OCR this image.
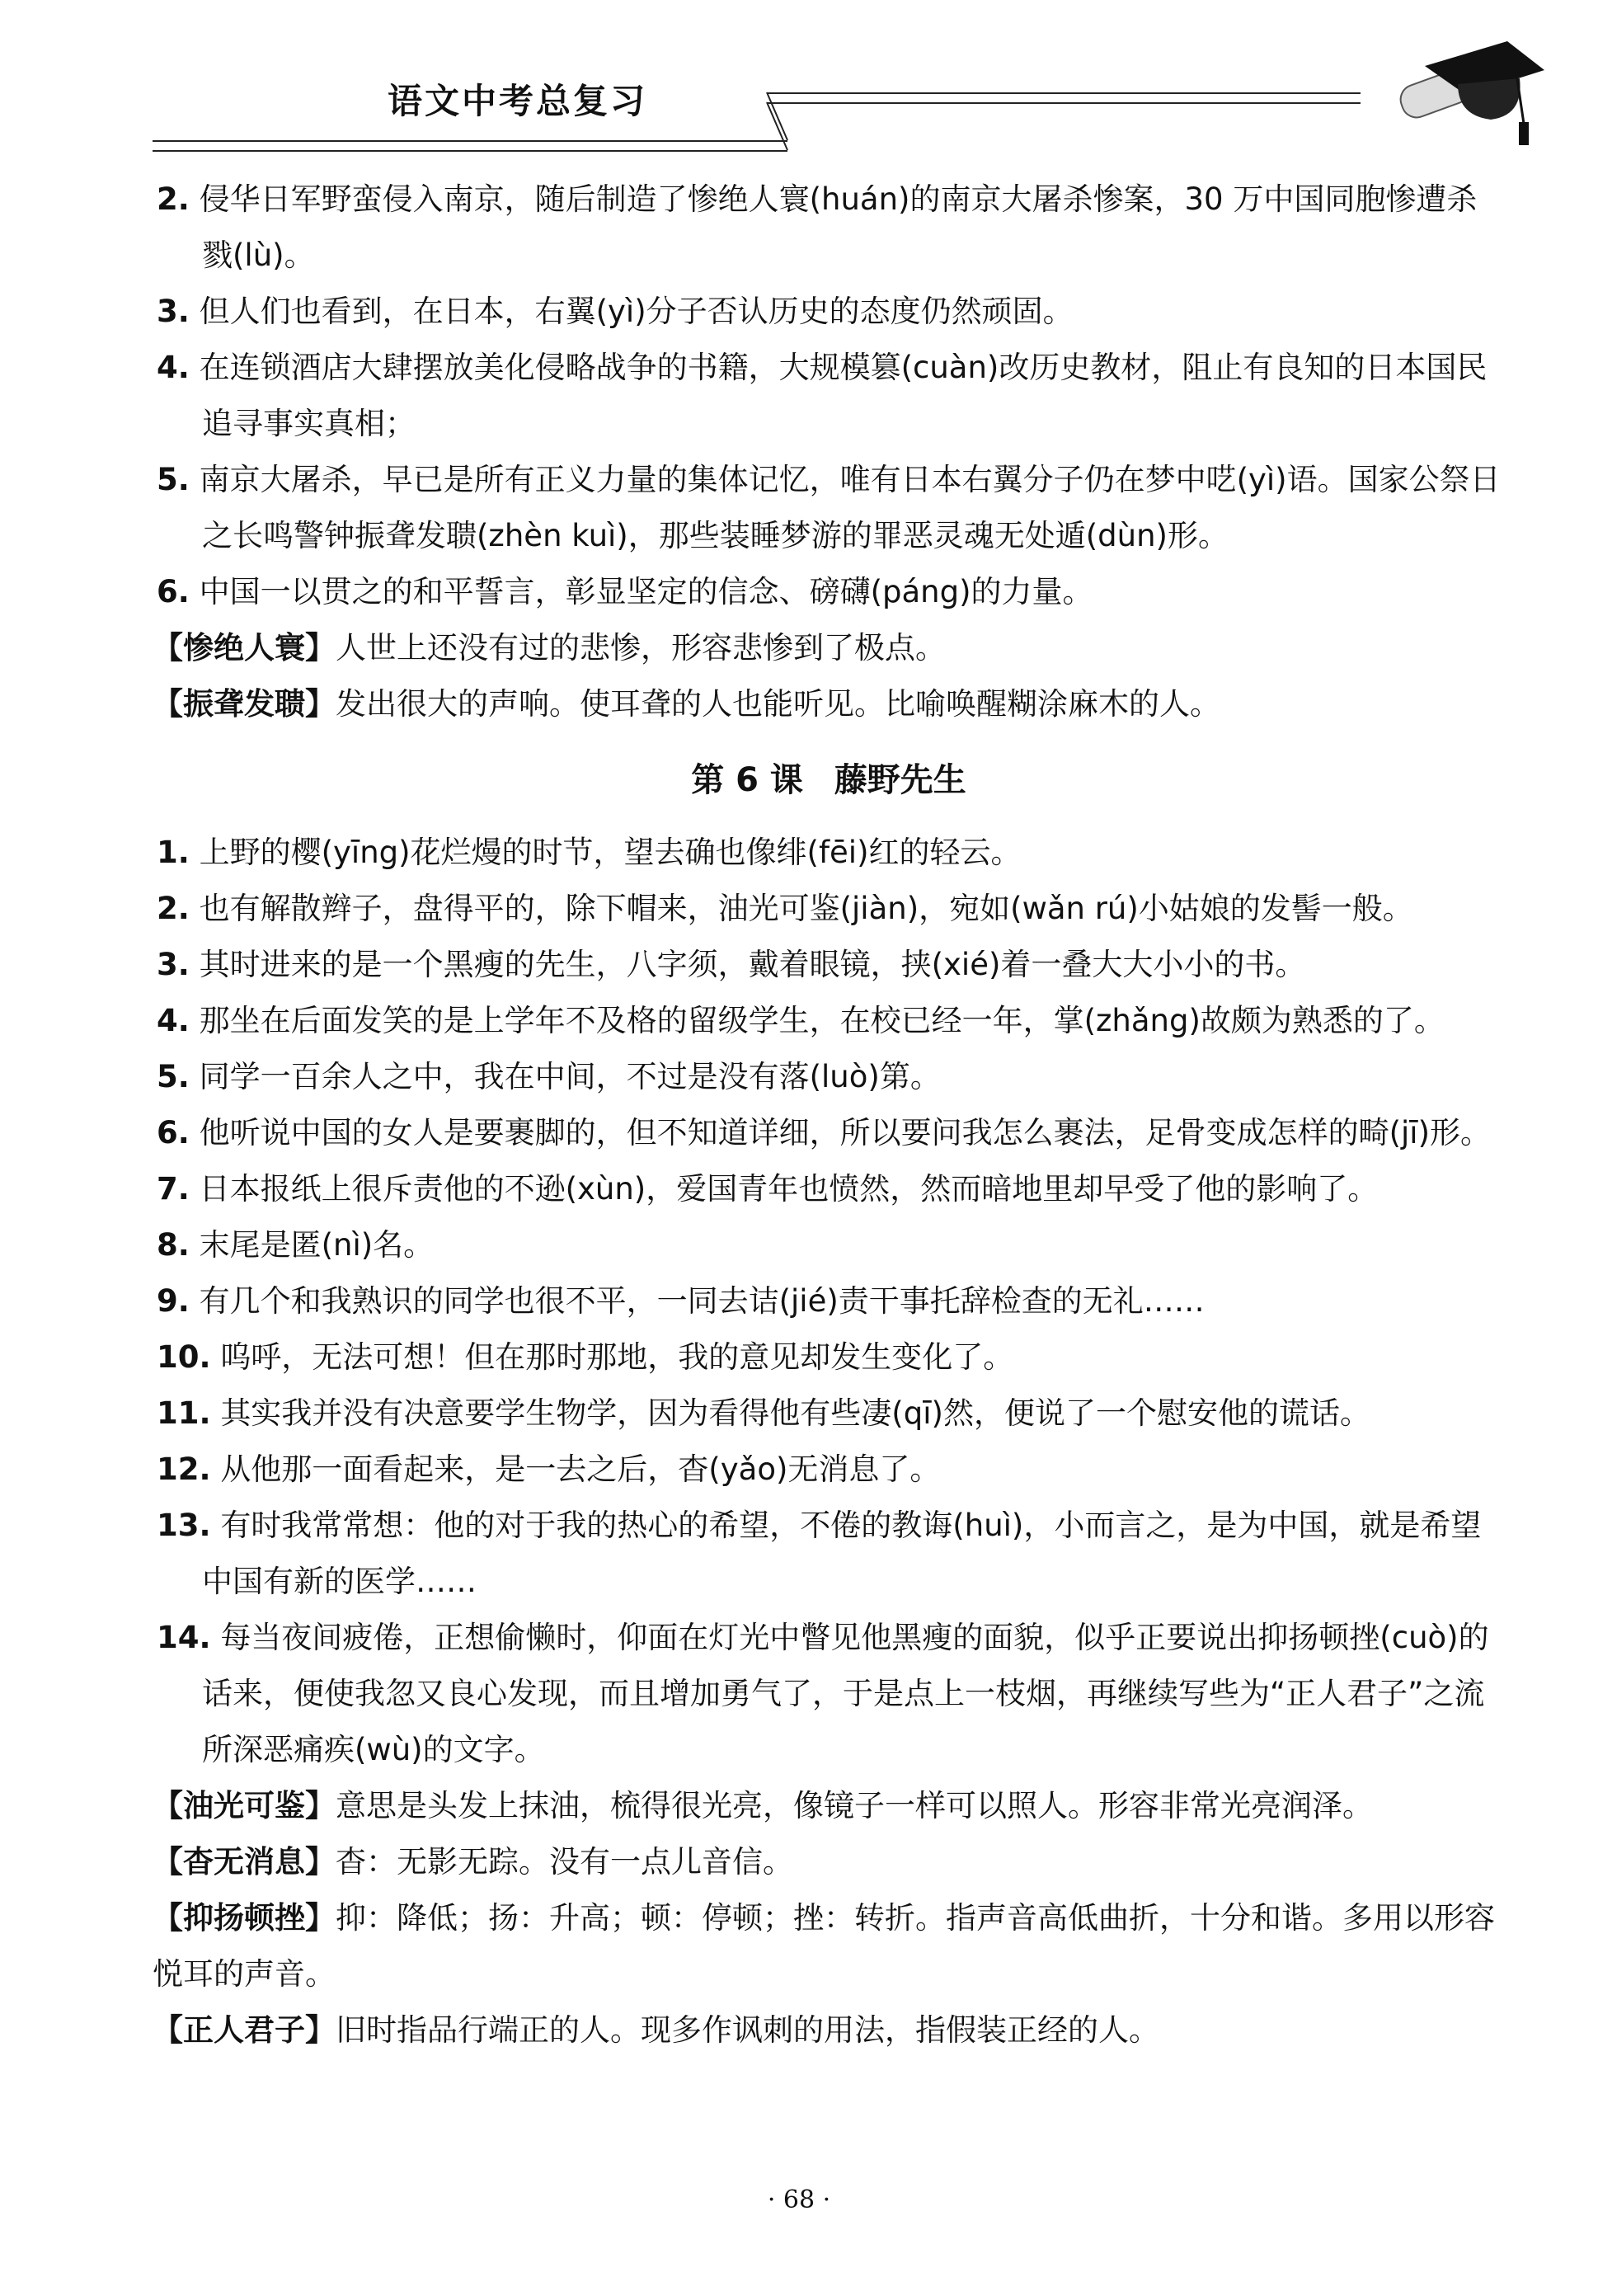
语文中考总复习
2. 侵华日军野蛮侵入南京，随后制造了惨绝人寰(huán)的南京大屠杀惨案，30 万中国同胞惨遭杀戮(lù)。
3. 但人们也看到，在日本，右翼(yì)分子否认历史的态度仍然顽固。
4. 在连锁酒店大肆摆放美化侵略战争的书籍，大规模篡(cuàn)改历史教材，阻止有良知的日本国民追寻事实真相；
5. 南京大屠杀，早已是所有正义力量的集体记忆，唯有日本右翼分子仍在梦中呓(yì)语。国家公祭日之长鸣警钟振聋发聩(zhèn kuì)，那些装睡梦游的罪恶灵魂无处遁(dùn)形。
6. 中国一以贯之的和平誓言，彰显坚定的信念、磅礴(páng)的力量。
【惨绝人寰】人世上还没有过的悲惨，形容悲惨到了极点。
【振聋发聩】发出很大的声响。使耳聋的人也能听见。比喻唤醒糊涂麻木的人。
第 6 课 藤野先生
1. 上野的樱(yīng)花烂熳的时节，望去确也像绯(fēi)红的轻云。
2. 也有解散辫子，盘得平的，除下帽来，油光可鉴(jiàn)，宛如(wǎn rú)小姑娘的发髻一般。
3. 其时进来的是一个黑瘦的先生，八字须，戴着眼镜，挟(xié)着一叠大大小小的书。
4. 那坐在后面发笑的是上学年不及格的留级学生，在校已经一年，掌(zhǎng)故颇为熟悉的了。
5. 同学一百余人之中，我在中间，不过是没有落(luò)第。
6. 他听说中国的女人是要裹脚的，但不知道详细，所以要问我怎么裹法，足骨变成怎样的畸(jī)形。
7. 日本报纸上很斥责他的不逊(xùn)，爱国青年也愤然，然而暗地里却早受了他的影响了。
8. 末尾是匿(nì)名。
9. 有几个和我熟识的同学也很不平，一同去诘(jié)责干事托辞检查的无礼……
10. 呜呼，无法可想！但在那时那地，我的意见却发生变化了。
11. 其实我并没有决意要学生物学，因为看得他有些凄(qī)然，便说了一个慰安他的谎话。
12. 从他那一面看起来，是一去之后，杳(yǎo)无消息了。
13. 有时我常常想：他的对于我的热心的希望，不倦的教诲(huì)，小而言之，是为中国，就是希望中国有新的医学……
14. 每当夜间疲倦，正想偷懒时，仰面在灯光中瞥见他黑瘦的面貌，似乎正要说出抑扬顿挫(cuò)的话来，便使我忽又良心发现，而且增加勇气了，于是点上一枝烟，再继续写些为“正人君子”之流所深恶痛疾(wù)的文字。
【油光可鉴】意思是头发上抹油，梳得很光亮，像镜子一样可以照人。形容非常光亮润泽。
【杳无消息】杳：无影无踪。没有一点儿音信。
【抑扬顿挫】抑：降低；扬：升高；顿：停顿；挫：转折。指声音高低曲折，十分和谐。多用以形容悦耳的声音。
【正人君子】旧时指品行端正的人。现多作讽刺的用法，指假装正经的人。
· 68 ·
